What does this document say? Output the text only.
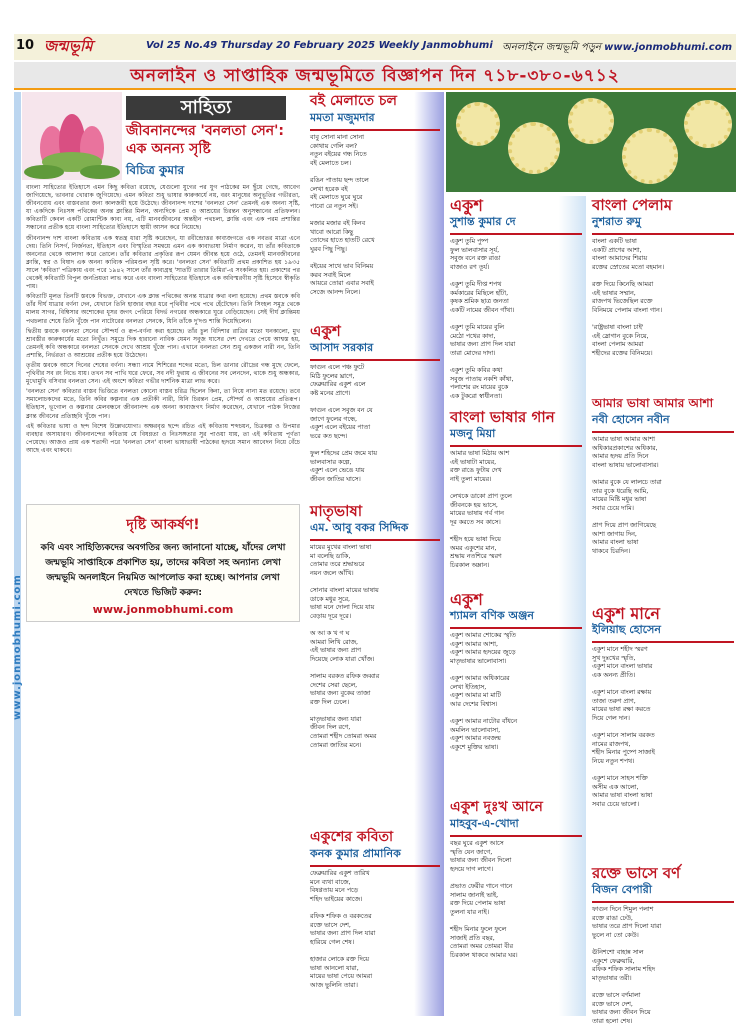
10 জন্মভূমি	Vol 25 No.49 Thursday 20 February 2025 Weekly Janmobhumi অনলাইনে জন্মভূমি পড়ুন www.jonmobhumi.com
অনলাইন ও সাপ্তাহিক জন্মভূমিতে বিজ্ঞাপন দিন ৭১৮-৩৮০-৬৭১২
www.jonmobhumi.com
সাহিত্য
জীবনানন্দের 'বনলতা সেন': এক অনন্য সৃষ্টি
বিচিত্র কুমার

বাংলা সাহিত্যের ইতিহাসে এমন কিছু কবিতা রয়েছে, যেগুলো যুগের পর যুগ পাঠকের মন ছুঁয়ে গেছে, আবেগ জাগিয়েছে, ভাবনার খোরাক জুগিয়েছে। এমন কবিতা শুধু ভাষার কারুকার্যে নয়, বরং মানুষের অনুভূতির গভীরতা, জীবনবোধ এবং বাস্তবতার জন্য কালজয়ী হয়ে উঠেছে। জীবনানন্দ দাশের 'বনলতা সেন' তেমনই এক অনন্য সৃষ্টি, যা একদিকে নিঃসঙ্গ পথিকের অনন্ত ক্লান্তির মিলন, অন্যদিকে প্রেম ও আশ্রয়ের চিরন্তন অনুসন্ধানের প্রতিফলন। কবিতাটি কেবল একটি রোমান্টিক কাব্য নয়, এটি মানবজীবনের অন্তহীন পথচলা, ক্লান্তি এবং এক পরম প্রশান্তির সন্ধানের প্রতীক হয়ে বাংলা সাহিত্যের ইতিহাসে স্থায়ী আসন করে নিয়েছে।

জীবনানন্দ দাশ বাংলা কবিতায় এক স্বতন্ত্র ধারা সৃষ্টি করেছেন, যা রবীন্দ্রোত্তর কাব্যজগতে এক নবতর মাত্রা এনে দেয়। তিনি নিসর্গ, নির্জনতা, ইতিহাস এবং বিস্মৃতির সমন্বয়ে এমন এক কাব্যভাষা নির্মাণ করেন, যা তাঁর কবিতাকে অনন্যের থেকে আলাদা করে তোলে। তাঁর কবিতার প্রকৃতির রূপ যেমন জীবন্ত হয়ে ওঠে, তেমনই মানবজীবনের ক্লান্তি, স্বপ্ন ও বিষাদ এক অনন্য কাব্যিক পরিমণ্ডল সৃষ্টি করে। 'বনলতা সেন' কবিতাটি প্রথম প্রকাশিত হয় ১৯৩৫ সালে 'কবিতা' পত্রিকায় এবং পরে ১৯৪২ সালে তাঁর কাব্যগ্রন্থ 'সাতটি তারার তিমির'-এ সংকলিত হয়। প্রকাশের পর থেকেই কবিতাটি বিপুল জনপ্রিয়তা লাভ করে এবং বাংলা সাহিত্যের ইতিহাসে এক অবিস্মরণীয় সৃষ্টি হিসেবে স্বীকৃতি পায়।

কবিতাটি মূলত তিনটি স্তবকে বিভক্ত, যেখানে এক ক্লান্ত পথিকের অনন্ত যাত্রার কথা বলা হয়েছে। প্রথম স্তবকে কবি তাঁর দীর্ঘ যাত্রার বর্ণনা দেন, যেখানে তিনি হাজার বছর ধরে পৃথিবীর পথে পথে হেঁটেছেন। তিনি সিংহল সমুদ্র থেকে মালয় সাগর, বিম্বিসার অশোকের ধূসর জগৎ পেরিয়ে বিদর্ভ নগরের অন্ধকারে ঘুরে বেড়িয়েছেন। সেই দীর্ঘ ক্লান্তিময় পথচলার শেষে তিনি খুঁজে পান নাটোরের বনলতা সেনকে, যিনি তাঁকে দু'দণ্ড শান্তি দিয়েছিলেন।

দ্বিতীয় স্তবকে বনলতা সেনের সৌন্দর্য ও রূপ-বর্ণনা করা হয়েছে। তাঁর চুল বিদিশার রাত্রির মতো ঘনকালো, মুখ শ্রাবস্তীর কারুকার্যের মতো নিখুঁত। সমুদ্রে দিক হারানো নাবিক যেমন সবুজ ঘাসের দেশ দেখতে পেয়ে আশ্বস্ত হয়, তেমনই কবি অন্ধকারে বনলতা সেনকে দেখে আশ্রয় খুঁজে পান। এখানে বনলতা সেন শুধু একজন নারী নন, তিনি প্রশান্তি, নির্ভরতা ও আশ্রয়ের প্রতীক হয়ে উঠেছেন।

তৃতীয় স্তবকে আসে দিনের শেষের বর্ণনা। সন্ধ্যা নামে শিশিরের শব্দের মতো, চিল ডানার রৌদ্রের গন্ধ মুছে ফেলে, পৃথিবীর সব রং নিভে যায়। তখন সব পাখি ঘরে ফেরে, সব নদী ফুরায় এ জীবনের সব লেনদেন, থাকে শুধু অন্ধকার, মুখোমুখি বসিবার বনলতা সেন। এই অংশে কবিতা গভীর দার্শনিক মাত্রা লাভ করে।

'বনলতা সেন' কবিতার বাস্তব ভিত্তিতে বনলতা কোনো বাস্তব চরিত্র ছিলেন কিনা, তা নিয়ে নানা মত রয়েছে। তবে সমালোচকদের মতে, তিনি কবির কল্পনার এক প্রতীকী নারী, যিনি চিরন্তন প্রেম, সৌন্দর্য ও আশ্রয়ের প্রতিরূপ। ইতিহাস, ভূগোল ও কল্পনার মেলবন্ধনে জীবনানন্দ এক অনন্য কাব্যজগৎ নির্মাণ করেছেন, যেখানে পাঠক নিজের ক্লান্ত জীবনের প্রতিচ্ছবি খুঁজে পান।

এই কবিতার ভাষা ও ছন্দ বিশেষ উল্লেখযোগ্য। অক্ষরবৃত্ত ছন্দে রচিত এই কবিতায় শব্দচয়ন, চিত্রকল্প ও উপমার ব্যবহার অসাধারণ। জীবনানন্দের কবিতায় যে বিষণ্ণতা ও নিঃসঙ্গতার সুর পাওয়া যায়, তা এই কবিতায় পূর্ণতা পেয়েছে। আজও প্রায় এক শতাব্দী পরে 'বনলতা সেন' বাংলা ভাষাভাষী পাঠকের হৃদয়ে সমান আবেদন নিয়ে বেঁচে আছে এবং থাকবে।

দৃষ্টি আকর্ষণ!
কবি এবং সাহিত্যিকদের অবগতির জন্য জানানো যাচ্ছে, যাঁদের লেখা জন্মভূমি সাপ্তাহিকে প্রকাশিত হয়, তাদের কবিতা সহ অন্যান্য লেখা জন্মভূমি অনলাইনে নিয়মিত আপলোড করা হচ্ছে। আপনার লেখা দেখতে ভিজিট করুন:
www.jonmobhumi.com
বই মেলাতে চল
মমতা মজুমদার
বাবু সোনা মানা সোনা
কোথায় গেলি বল?
নতুন বইয়ের গন্ধ নিতে
বই মেলাতে চল।

রঙিন পাতায় ছন্দ তালে
লেখা হরেক বই
বই মেলাতে ঘুরে ঘুরে
পাবো রে নতুন সই।

মজার মজার বই কিনব
খাবো আরো কিছু
তোদের হাতে হাতটি রেখে
ঘুরব পিছু পিছু।

বইয়ের সাথে ভাব বিনিময়
করব সবাই মিলে
আয়রে তোরা এবার সবাই
সেজে আনন্দ নিলে।
একুশ
আসাদ সরকার
ফাগুন এলে পঞ্চ ফুটে
মিঠি ফুলের ঘ্রাণে,
ফেব্রুয়ারির একুশ এলে
কষ্ট মনের প্রাণে।

ফাগুন এলে সবুজ বন যে
জাগে ফুলের গন্ধে,
একুশ এলে বইয়ের পাতা
ভরে কত ছন্দে।

ফুল শহিদের প্রেম জমে যায়
ভালবাসার কল্পে,
একুশ এলে ভেঙে যায়
জীবন জাতির ঘাসে।
মাতৃভাষা
এম. আবু বকর সিদ্দিক
মায়ের মুখের বাংলা ভাষা
মা বলেছি ডাকি,
তোমার তরে শ্রদ্ধাভরে
নয়ন জলে আঁখি।

সোনার বাংলা মায়ের ভাষায়
ডাকে মধুর সুরে,
ভাষা মনে দোলা দিয়ে যায়
বেড়ায় দূরে দূরে।

অ আ ক খ গ ঘ
আমরা লিখি রোজ,
এই ভাষার জন্য প্রাণ
দিয়েছে লোক যারা খোঁজ।

সালাম বরকত রফিক জব্বার
দেশের সেরা ছেলে,
ভাষার জন্য বুকের তাজা
রক্ত দিল ঢেলে।

মাতৃভাষার জন্য যারা
জীবন দিল রণে,
তোমরা শহীদ তোমরা অমর
তোমরা জাতির মনে।
একুশের কবিতা
কনক কুমার প্রামানিক
ফেব্রুয়ারির একুশ তারিখ
মনে ব্যথা বাজে,
বিষণ্ণতায় মনে পড়ে
শহিদ ভাইয়ের কাজে।

রফিক শফিক ও বরকতের
রক্তে ভাসে দেশ,
ভাষার জন্য প্রাণ দিল যারা
হারিয়ে গেল শেষ।

হাজার লোকে রক্ত দিয়ে
ভাষা আনলো যারা,
মায়ের ভাষা পেয়ে আমরা
আজ ভুলিনি তারা।
একুশ
সুশান্ত কুমার দে
একুশ তুমি পুষ্প
ফুল ভালবাসার সূর্য,
সবুজ বনে রক্ত রাঙা
বাজাও রণ তূর্য।

একুশ তুমি দীপ্ত শপথ
কর্মকারের মিছিলে হাঁটা,
কৃষক শ্রমিক ছাত্র জনতা
একটি নামের জীবন গাঁথা।

একুশ তুমি মায়ের বুলি
মেঠো পথের কাদা,
ভাষার জন্য প্রাণ দিল যারা
তারা মোদের দাদা।

একুশ তুমি কবির কথা
সবুজ পাতায় নকশি কাঁথা,
পলাশের রং মায়ের বুকে
এক টুকরো স্বাধীনতা।
বাংলা ভাষার গান
মজনু মিয়া
আমার ভাষা মিঠায় আশ
এই ভাষাটা মায়ের,
রক্ত রাঙে ফুটায় দেখ
নাই তুলা মায়ের।

লেখকে ডাকো প্রাণ তুলে
জীবনকে হয় ভাসে,
মায়ের ভাষায় গর্ব গান
দূর করতে সব কাসে।

শহীদ হয়ে ভাষা দিয়ে
অমর একুশের মান,
শ্রদ্ধায় নতশিরে স্মরণ
চিরকাল অম্লান।
একুশ
শ্যামল বণিক অঞ্জন
একুশ আমার শোকের স্মৃতি
একুশ আমার আশা,
একুশ আমার হৃদয়ের জুড়ে
মাতৃভাষার ভালোবাসা।

একুশ আমার অধিকারের
লেখা ইতিহাস,
একুশ আমার মা মাটি
আর দেশের বিশ্বাস।

একুশ আমার নাটোর বাঁধনে
অমলিন ভালোবাসা,
একুশ আমার নবজন্ম
একুশে মুক্তির ভাষা।
একুশ দুঃখ আনে
মাহবুব-এ-খোদা
বছর ঘুরে একুশ আসে
স্মৃতি যেন জাগে,
ভাষার জন্য জীবন দিলো
হৃদয়ে দাগ লাগে।

প্রভাত ফেরীর গানে গানে
সালাম জানাই ভাই,
রক্ত দিয়ে পেলাম ভাষা
তুলনা যার নাই।

শহীদ মিনার ফুলে ফুলে
সাজাই প্রতি বছর,
তোমরা অমর তোমরা বীর
চিরকাল থাকবে আমার ঘর।
বাংলা পেলাম
নুশরাত রুমু
বাংলা একটি ভাষা
একটি প্রাণের আশা,
বাংলা আমাদের শিরায়
রক্তের স্রোতের মতো বহমান।

রক্ত দিয়ে কিনেছি আমরা
এই ভাষার সম্মান,
রাজপথ ভিজেছিল রক্তে
বিনিময়ে পেলাম বাংলা গান।

'রাষ্ট্রভাষা বাংলা চাই'
এই স্লোগান বুকে নিয়ে,
বাংলা পেলাম আমরা
শহীদের রক্তের বিনিময়ে।
আমার ভাষা আমার আশা
নবী হোসেন নবীন
আমার ভাষা আমার আশা
অধিকারপ্রকাশের অধিকার,
আমার হৃদয় প্রতি দিনে
বাংলা ভাষায় ভালোবাসার।

আমার বুকে যে লালচে তারা
তার বুকে ধরেছি আমি,
মায়ের মিষ্টি মধুর ভাষা
সবার চেয়ে দামি।

প্রাণ দিয়ে প্রাণ জাগিয়েছে
আশা জাগায় দিন,
আমার বাংলা ভাষা
থাকবে চিরদিন।
একুশ মানে
ইলিয়াছ হোসেন
একুশ মানে শহীদ স্মরণ
সুখ দুঃখের স্মৃতি,
একুশ মানে বাংলা ভাষার
এক অনন্য প্রীতি।

একুশ মানে বাংলা রক্ষায়
তাজা তরুণ প্রাণ,
মায়ের ভাষা রক্ষা করতে
দিয়ে গেল দান।

একুশ মানে সালাম বরকত
নামের রাজপথ,
শহীদ মিনার পুষ্পে সাজাই
নিয়ে নতুন শপথ।

একুশ মানে সাহস শক্তি
অসীম এক আলো,
আমার ভাষা বাংলা ভাষা
সবার চেয়ে ভালো।
রক্তে ভাসে বর্ণ
বিজন বেপারী
ফাগুন দিনে শিমুল পলাশ
রক্তে রাঙা ঢেউ,
ভাষার তরে প্রাণ দিলো যারা
ভুলে না তো কেউ।

ঊনিশশো বাহান্ন সাল
একুশে ফেব্রুয়ারি,
রফিক শফিক সালাম শহিদ
মাতৃভাষার তরী।

রক্তে ভাসে বর্ণমালা
রক্তে ভাসে দেশ,
ভাষার জন্য জীবন দিয়ে
তারা হলো শেষ।
